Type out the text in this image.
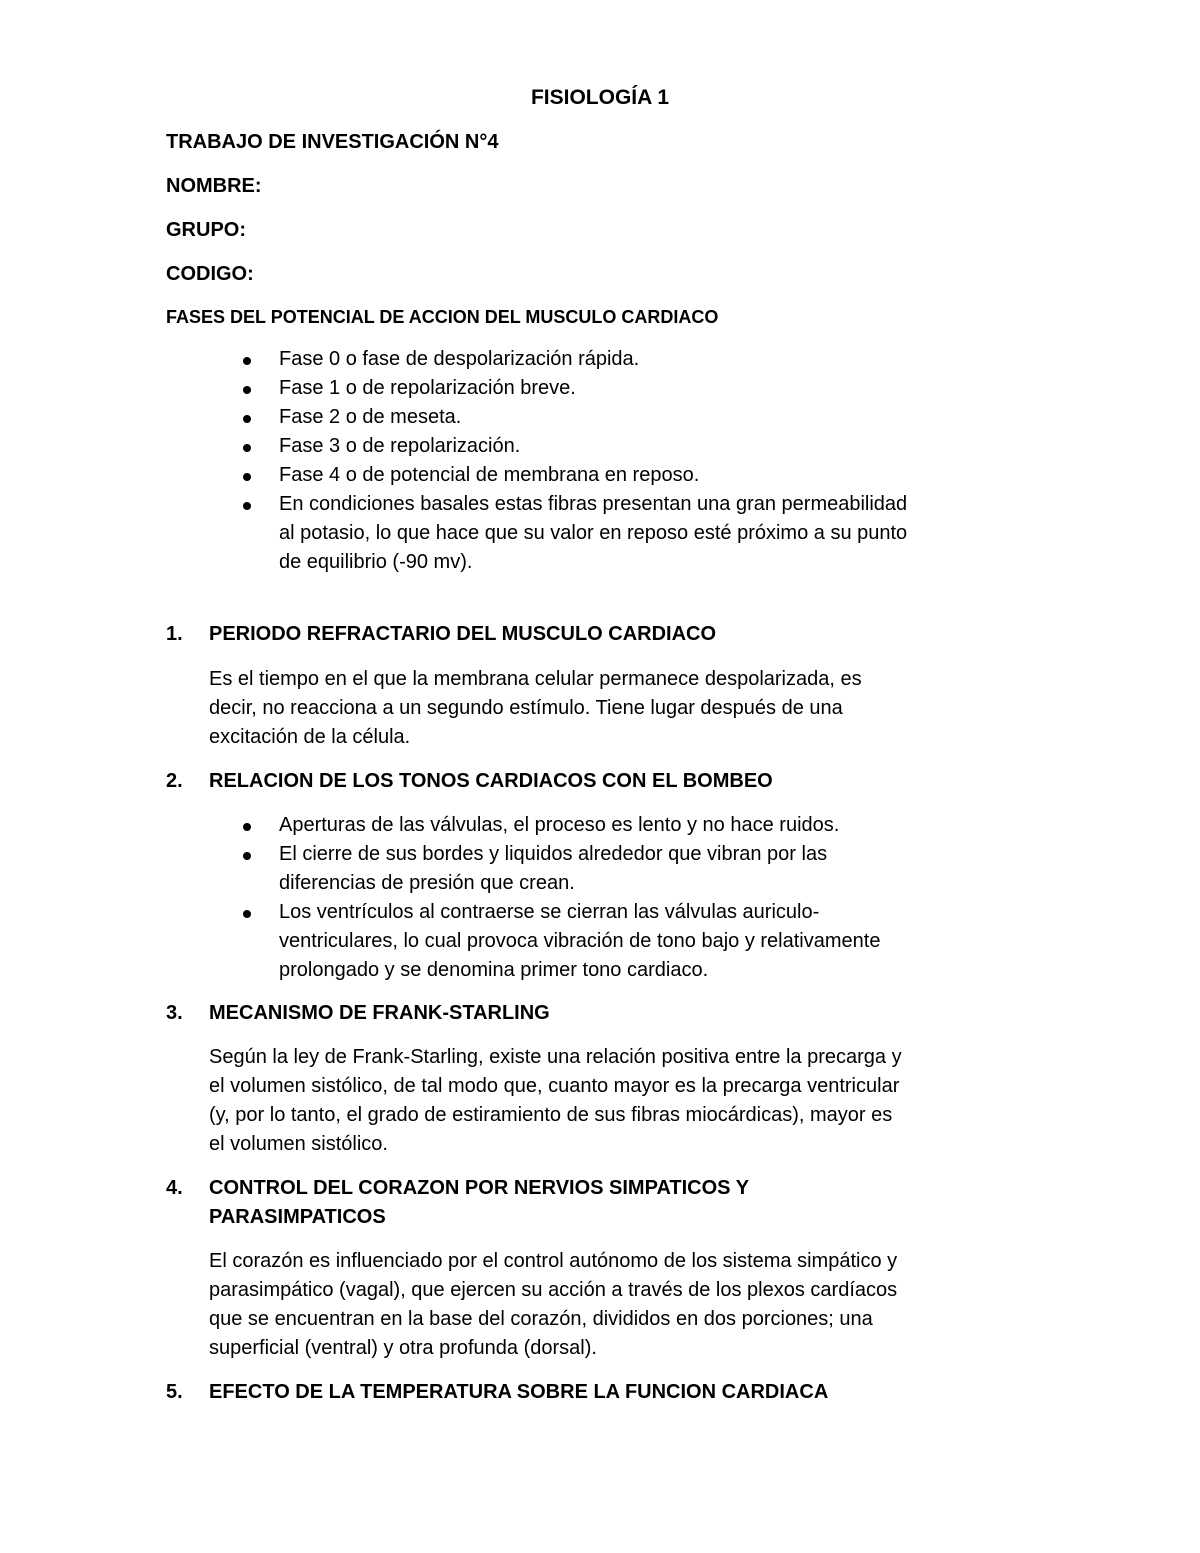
FISIOLOGÍA 1
TRABAJO DE INVESTIGACIÓN N°4
NOMBRE:
GRUPO:
CODIGO:
FASES DEL POTENCIAL DE ACCION DEL MUSCULO CARDIACO
Fase 0 o fase de despolarización rápida.
Fase 1 o de repolarización breve.
Fase 2 o de meseta.
Fase 3 o de repolarización.
Fase 4 o de potencial de membrana en reposo.
En condiciones basales estas fibras presentan una gran permeabilidad
al potasio, lo que hace que su valor en reposo esté próximo a su punto
de equilibrio (-90 mv).
1. PERIODO REFRACTARIO DEL MUSCULO CARDIACO
Es el tiempo en el que la membrana celular permanece despolarizada, es
decir, no reacciona a un segundo estímulo. Tiene lugar después de una
excitación de la célula.
2. RELACION DE LOS TONOS CARDIACOS CON EL BOMBEO
Aperturas de las válvulas, el proceso es lento y no hace ruidos.
El cierre de sus bordes y liquidos alrededor que vibran por las
diferencias de presión que crean.
Los ventrículos al contraerse se cierran las válvulas auriculo-
ventriculares, lo cual provoca vibración de tono bajo y relativamente
prolongado y se denomina primer tono cardiaco.
3. MECANISMO DE FRANK-STARLING
Según la ley de Frank-Starling, existe una relación positiva entre la precarga y
el volumen sistólico, de tal modo que, cuanto mayor es la precarga ventricular
(y, por lo tanto, el grado de estiramiento de sus fibras miocárdicas), mayor es
el volumen sistólico.
4. CONTROL DEL CORAZON POR NERVIOS SIMPATICOS Y
PARASIMPATICOS
El corazón es influenciado por el control autónomo de los sistema simpático y
parasimpático (vagal), que ejercen su acción a través de los plexos cardíacos
que se encuentran en la base del corazón, divididos en dos porciones; una
superficial (ventral) y otra profunda (dorsal).
5. EFECTO DE LA TEMPERATURA SOBRE LA FUNCION CARDIACA
